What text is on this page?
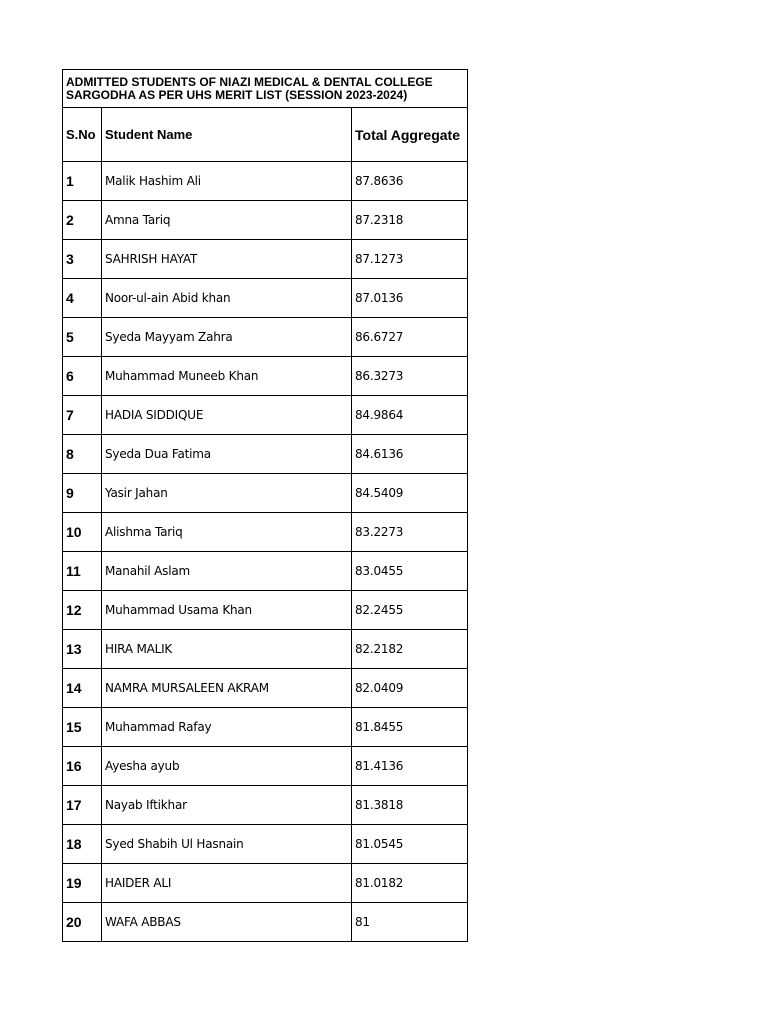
ADMITTED STUDENTS OF NIAZI MEDICAL & DENTAL COLLEGE
SARGODHA AS PER UHS MERIT LIST (SESSION 2023-2024)		

S.No	Student Name	Total Aggregate
1	Malik Hashim Ali	87.8636
2	Amna Tariq	87.2318
3	SAHRISH HAYAT	87.1273
4	Noor-ul-ain Abid khan	87.0136
5	Syeda Mayyam Zahra	86.6727
6	Muhammad Muneeb Khan	86.3273
7	HADIA SIDDIQUE	84.9864
8	Syeda Dua Fatima	84.6136
9	Yasir Jahan	84.5409
10	Alishma Tariq	83.2273
11	Manahil Aslam	83.0455
12	Muhammad Usama Khan	82.2455
13	HIRA MALIK	82.2182
14	NAMRA MURSALEEN AKRAM	82.0409
15	Muhammad Rafay	81.8455
16	Ayesha ayub	81.4136
17	Nayab Iftikhar	81.3818
18	Syed Shabih Ul Hasnain	81.0545
19	HAIDER ALI	81.0182
20	WAFA ABBAS	81
